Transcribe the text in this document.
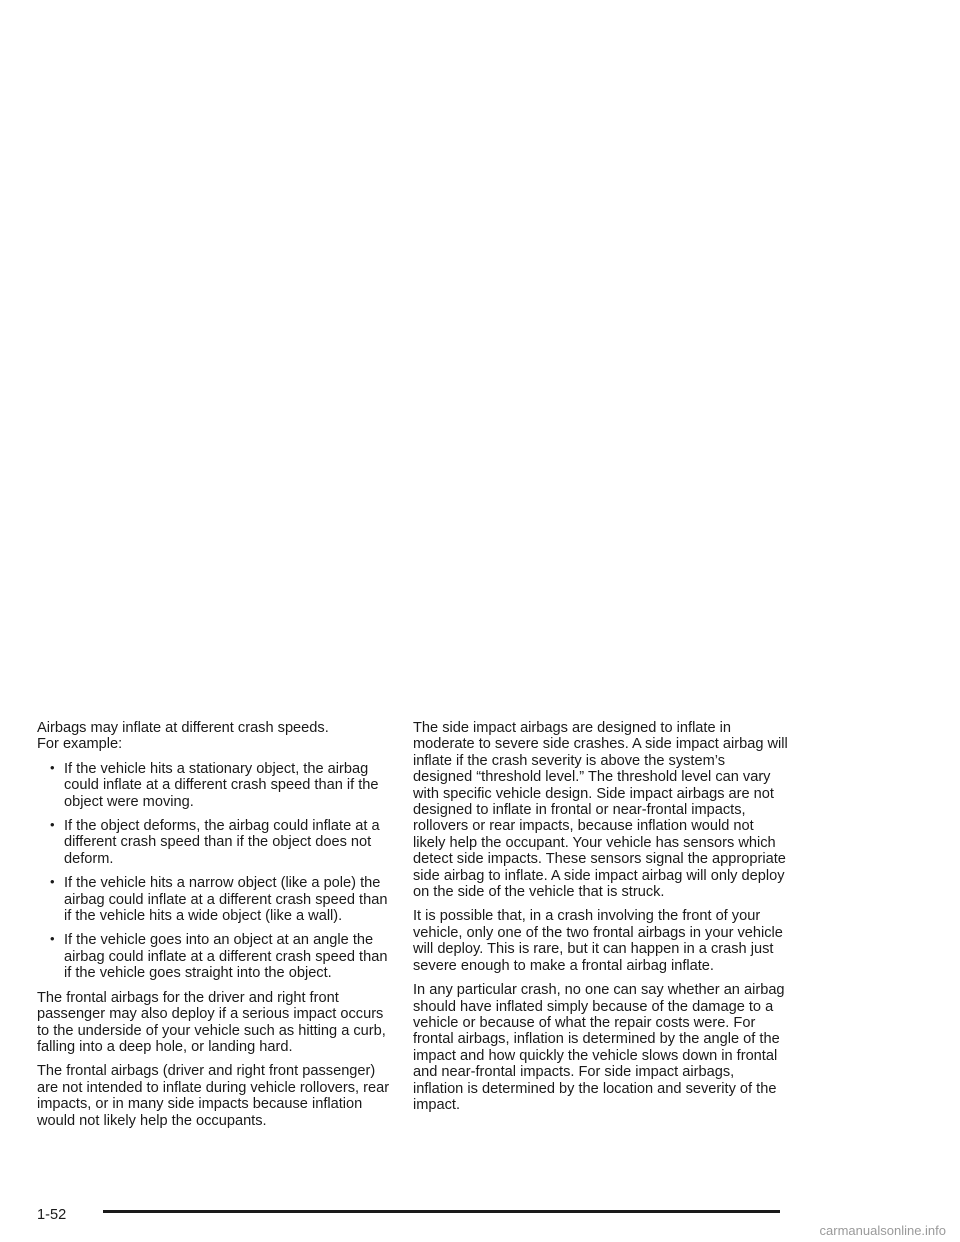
Airbags may inflate at different crash speeds.
For example:

• If the vehicle hits a stationary object, the airbag could inflate at a different crash speed than if the object were moving.
• If the object deforms, the airbag could inflate at a different crash speed than if the object does not deform.
• If the vehicle hits a narrow object (like a pole) the airbag could inflate at a different crash speed than if the vehicle hits a wide object (like a wall).
• If the vehicle goes into an object at an angle the airbag could inflate at a different crash speed than if the vehicle goes straight into the object.

The frontal airbags for the driver and right front passenger may also deploy if a serious impact occurs to the underside of your vehicle such as hitting a curb, falling into a deep hole, or landing hard.

The frontal airbags (driver and right front passenger) are not intended to inflate during vehicle rollovers, rear impacts, or in many side impacts because inflation would not likely help the occupants.

The side impact airbags are designed to inflate in moderate to severe side crashes. A side impact airbag will inflate if the crash severity is above the system’s designed “threshold level.” The threshold level can vary with specific vehicle design. Side impact airbags are not designed to inflate in frontal or near-frontal impacts, rollovers or rear impacts, because inflation would not likely help the occupant. Your vehicle has sensors which detect side impacts. These sensors signal the appropriate side airbag to inflate. A side impact airbag will only deploy on the side of the vehicle that is struck.

It is possible that, in a crash involving the front of your vehicle, only one of the two frontal airbags in your vehicle will deploy. This is rare, but it can happen in a crash just severe enough to make a frontal airbag inflate.

In any particular crash, no one can say whether an airbag should have inflated simply because of the damage to a vehicle or because of what the repair costs were. For frontal airbags, inflation is determined by the angle of the impact and how quickly the vehicle slows down in frontal and near-frontal impacts. For side impact airbags, inflation is determined by the location and severity of the impact.

1-52
carmanualsonline.info
